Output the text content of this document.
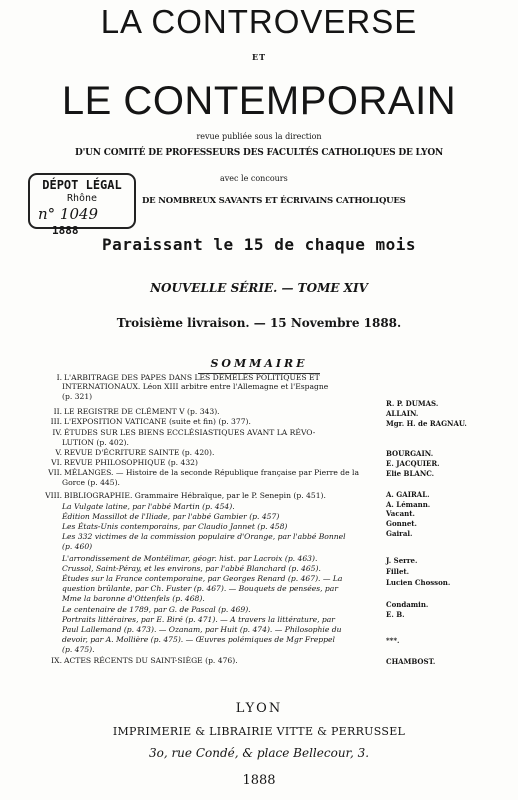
LA CONTROVERSE
ET
LE CONTEMPORAIN
revue publiée sous la direction
D'UN COMITÉ DE PROFESSEURS DES FACULTÉS CATHOLIQUES DE LYON
avec le concours
DE NOMBREUX SAVANTS ET ÉCRIVAINS CATHOLIQUES
DÉPOT LÉGAL
Rhône
n° 1049
1888
Paraissant le 15 de chaque mois
NOUVELLE SÉRIE. — TOME XIV
Troisième livraison. — 15 Novembre 1888.
SOMMAIRE
I. L'ARBITRAGE DES PAPES DANS LES DÉMÊLÉS POLITIQUES ET
INTERNATIONAUX. Léon XIII arbitre entre l'Allemagne et l'Espagne
(p. 321)
II. LE REGISTRE DE CLÉMENT V (p. 343).
III. L'EXPOSITION VATICANE (suite et fin) (p. 377).
IV. ÉTUDES SUR LES BIENS ECCLÉSIASTIQUES AVANT LA RÉVO-
LUTION (p. 402).
V. REVUE D'ÉCRITURE SAINTE (p. 420).
VI. REVUE PHILOSOPHIQUE (p. 432)
VII. MÉLANGES. — Histoire de la seconde République française par Pierre de la
Gorce (p. 445).
VIII. BIBLIOGRAPHIE. Grammaire Hébraïque, par le P. Senepin (p. 451).
La Vulgate latine, par l'abbé Martin (p. 454).
Édition Massillot de l'Iliade, par l'abbé Gambier (p. 457)
Les États-Unis contemporains, par Claudio Jannet (p. 458)
Les 332 victimes de la commission populaire d'Orange, par l'abbé Bonnel
(p. 460)
L'arrondissement de Montélimar, géogr. hist. par Lacroix (p. 463).
Crussol, Saint-Péray, et les environs, par l'abbé Blanchard (p. 465).
Études sur la France contemporaine, par Georges Renard (p. 467). — La
question brûlante, par Ch. Fuster (p. 467). — Bouquets de pensées, par
Mme la baronne d'Ottenfels (p. 468).
Le centenaire de 1789, par G. de Pascal (p. 469).
Portraits littéraires, par E. Biré (p. 471). — A travers la littérature, par
Paul Lallemand (p. 473). — Ozanam, par Huit (p. 474). — Philosophie du
devoir, par A. Mollière (p. 475). — Œuvres polémiques de Mgr Freppel
(p. 475).
IX. ACTES RÉCENTS DU SAINT-SIÈGE (p. 476).
R. P. DUMAS.
ALLAIN.
Mgr. H. de RAGNAU.
BOURGAIN.
E. JACQUIER.
Elie BLANC.
A. GAIRAL.
A. Lémann.
Vacant.
Gonnet.
Gairal.
J. Serre.
Fillet.
Lucien Chosson.
Condamin.
E. B.
***.
CHAMBOST.
LYON
IMPRIMERIE & LIBRAIRIE VITTE & PERRUSSEL
3o, rue Condé, & place Bellecour, 3.
1888
